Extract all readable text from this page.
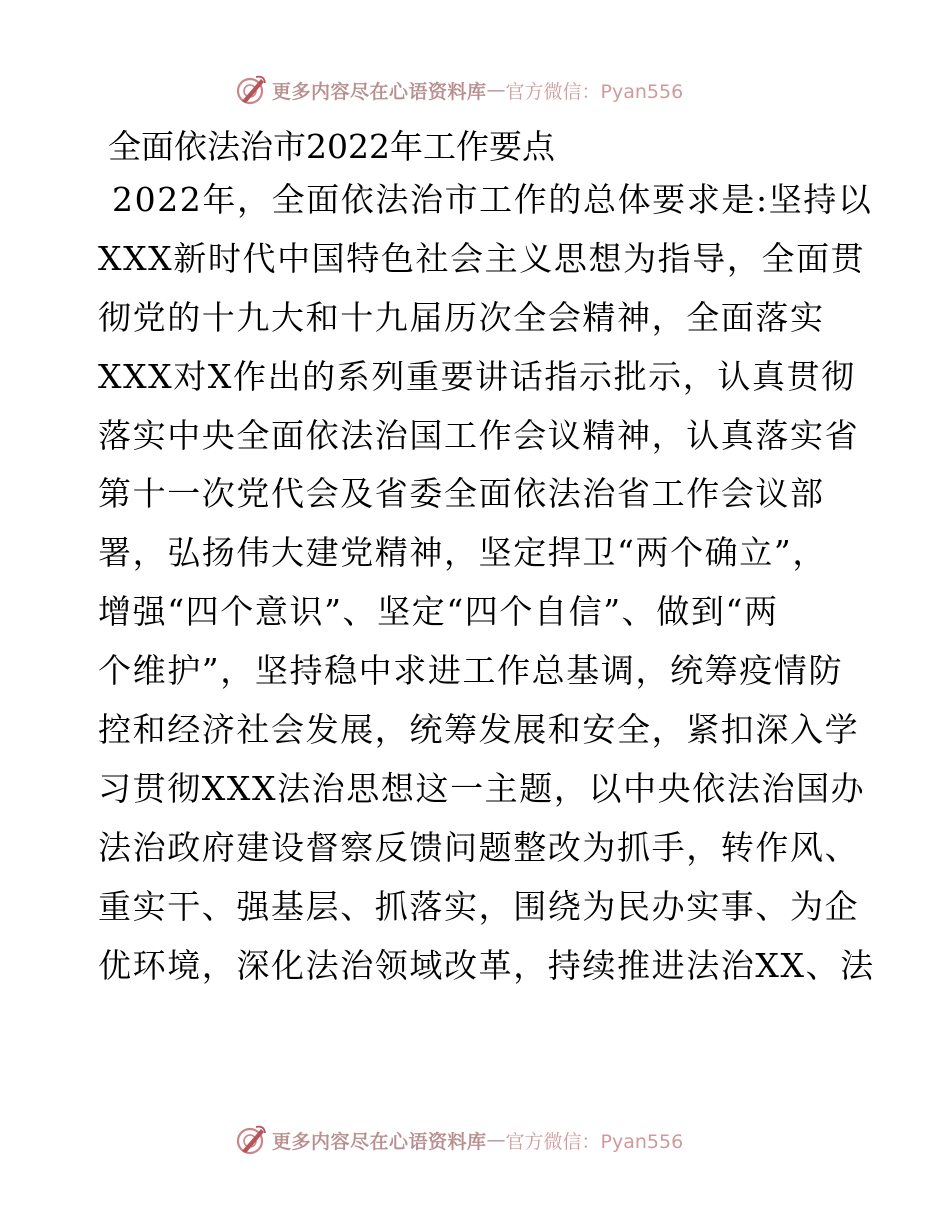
更多内容尽在心语资料库 — 官方微信：Pyan556
全面依法治市2022年工作要点
2022年，全面依法治市工作的总体要求是:坚持以
XXX新时代中国特色社会主义思想为指导，全面贯
彻党的十九大和十九届历次全会精神，全面落实
XXX对X作出的系列重要讲话指示批示，认真贯彻
落实中央全面依法治国工作会议精神，认真落实省
第十一次党代会及省委全面依法治省工作会议部
署，弘扬伟大建党精神，坚定捍卫“两个确立”，
增强“四个意识”、坚定“四个自信”、做到“两
个维护”，坚持稳中求进工作总基调，统筹疫情防
控和经济社会发展，统筹发展和安全，紧扣深入学
习贯彻XXX法治思想这一主题，以中央依法治国办
法治政府建设督察反馈问题整改为抓手，转作风、
重实干、强基层、抓落实，围绕为民办实事、为企
优环境，深化法治领域改革，持续推进法治XX、法
更多内容尽在心语资料库 — 官方微信：Pyan556
